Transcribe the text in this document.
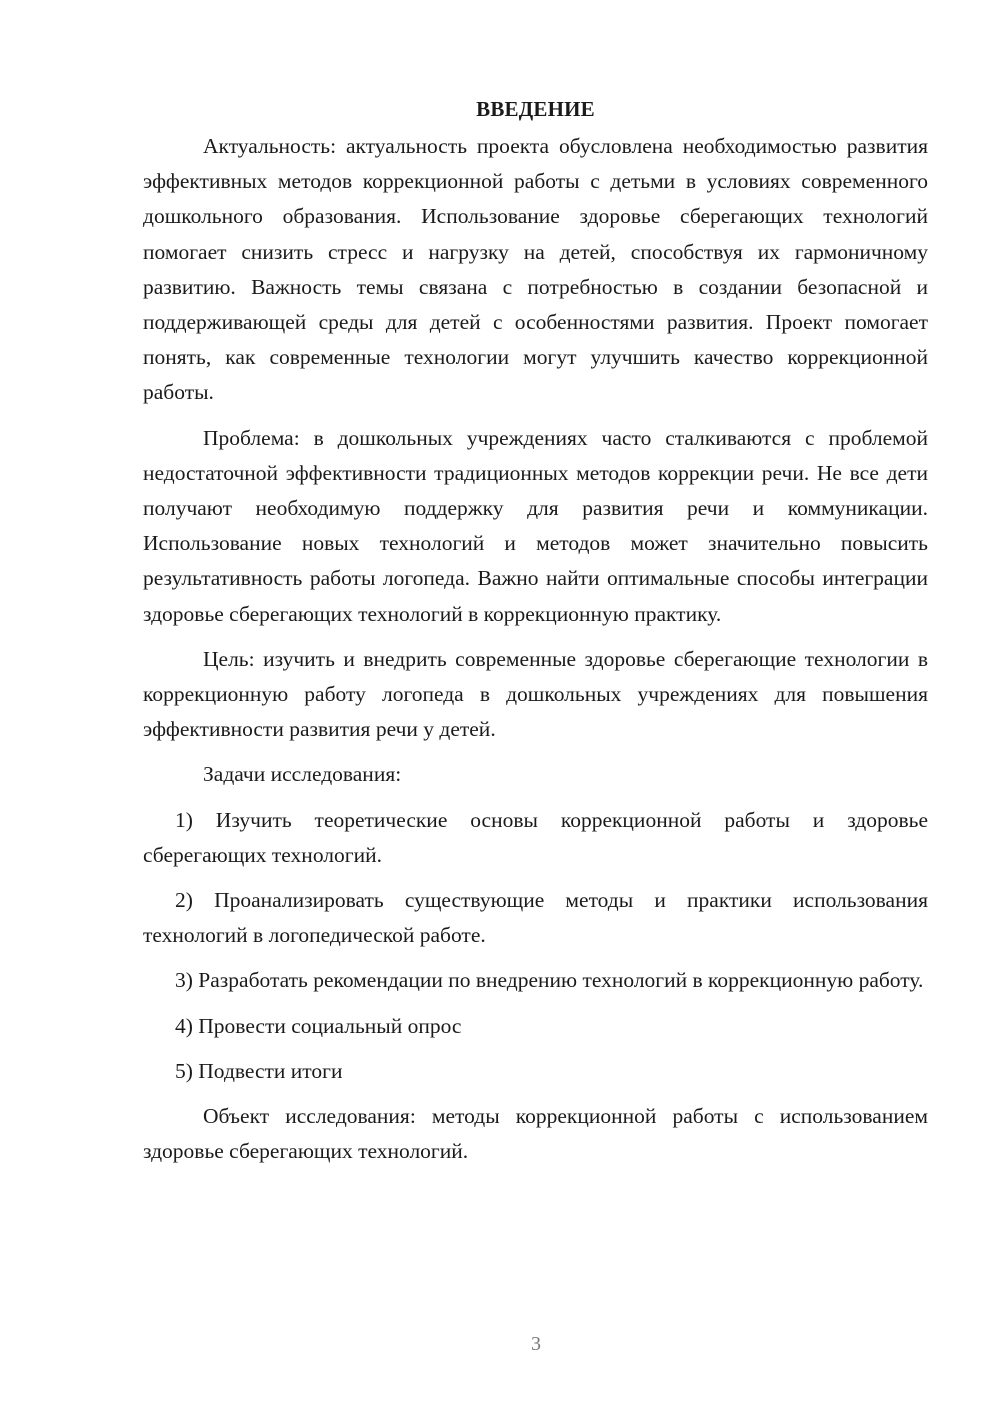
ВВЕДЕНИЕ

Актуальность: актуальность проекта обусловлена необходимостью развития эффективных методов коррекционной работы с детьми в условиях современного дошкольного образования. Использование здоровье сберегающих технологий помогает снизить стресс и нагрузку на детей, способствуя их гармоничному развитию. Важность темы связана с потребностью в создании безопасной и поддерживающей среды для детей с особенностями развития. Проект помогает понять, как современные технологии могут улучшить качество коррекционной работы.

Проблема: в дошкольных учреждениях часто сталкиваются с проблемой недостаточной эффективности традиционных методов коррекции речи. Не все дети получают необходимую поддержку для развития речи и коммуникации. Использование новых технологий и методов может значительно повысить результативность работы логопеда. Важно найти оптимальные способы интеграции здоровье сберегающих технологий в коррекционную практику.

Цель: изучить и внедрить современные здоровье сберегающие технологии в коррекционную работу логопеда в дошкольных учреждениях для повышения эффективности развития речи у детей.

Задачи исследования:

1) Изучить теоретические основы коррекционной работы и здоровье сберегающих технологий.

2) Проанализировать существующие методы и практики использования технологий в логопедической работе.

3) Разработать рекомендации по внедрению технологий в коррекционную работу.

4) Провести социальный опрос

5) Подвести итоги

Объект исследования: методы коррекционной работы с использованием здоровье сберегающих технологий.

3
